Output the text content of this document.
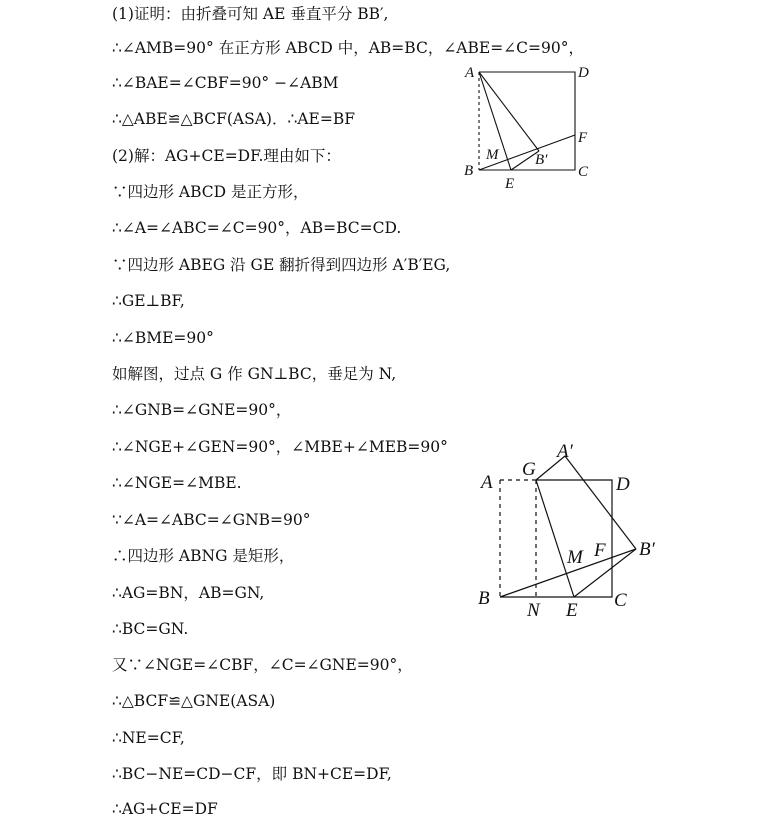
(1)证明：由折叠可知 AE 垂直平分 BB′,
∴∠AMB=90° 在正方形 ABCD 中，AB=BC，∠ABE=∠C=90°，
∴∠BAE=∠CBF=90° −∠ABM
∴△ABE≌△BCF(ASA)．∴AE=BF
(2)解：AG+CE=DF.理由如下：
∵四边形 ABCD 是正方形，
∴∠A=∠ABC=∠C=90°，AB=BC=CD.
∵四边形 ABEG 沿 GE 翻折得到四边形 A′B′EG,
∴GE⊥BF,
∴∠BME=90°
如解图，过点 G 作 GN⊥BC，垂足为 N,
∴∠GNB=∠GNE=90°，
∴∠NGE+∠GEN=90°，∠MBE+∠MEB=90°
∴∠NGE=∠MBE.
∵∠A=∠ABC=∠GNB=90°
∴四边形 ABNG 是矩形，
∴AG=BN，AB=GN,
∴BC=GN.
又∵∠NGE=∠CBF，∠C=∠GNE=90°，
∴△BCF≌△GNE(ASA)
∴NE=CF,
∴BC−NE=CD−CF，即 BN+CE=DF,
∴AG+CE=DF
A	D
B	C
F
E
M B′
A
G
A′
D
F B′
M
B
N E C
